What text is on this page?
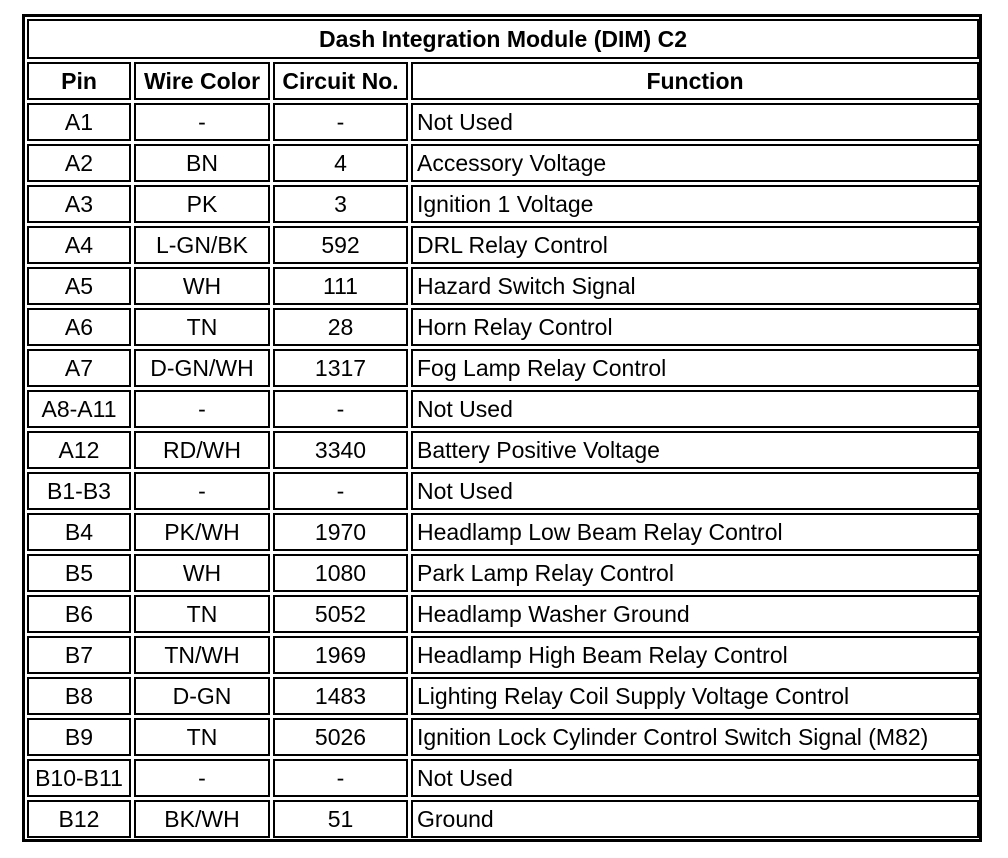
Dash Integration Module (DIM) C2			
Pin	Wire Color	Circuit No.	Function
A1	-	-	Not Used
A2	BN	4	Accessory Voltage
A3	PK	3	Ignition 1 Voltage
A4	L-GN/BK	592	DRL Relay Control
A5	WH	111	Hazard Switch Signal
A6	TN	28	Horn Relay Control
A7	D-GN/WH	1317	Fog Lamp Relay Control
A8-A11	-	-	Not Used
A12	RD/WH	3340	Battery Positive Voltage
B1-B3	-	-	Not Used
B4	PK/WH	1970	Headlamp Low Beam Relay Control
B5	WH	1080	Park Lamp Relay Control
B6	TN	5052	Headlamp Washer Ground
B7	TN/WH	1969	Headlamp High Beam Relay Control
B8	D-GN	1483	Lighting Relay Coil Supply Voltage Control
B9	TN	5026	Ignition Lock Cylinder Control Switch Signal (M82)
B10-B11	-	-	Not Used
B12	BK/WH	51	Ground
